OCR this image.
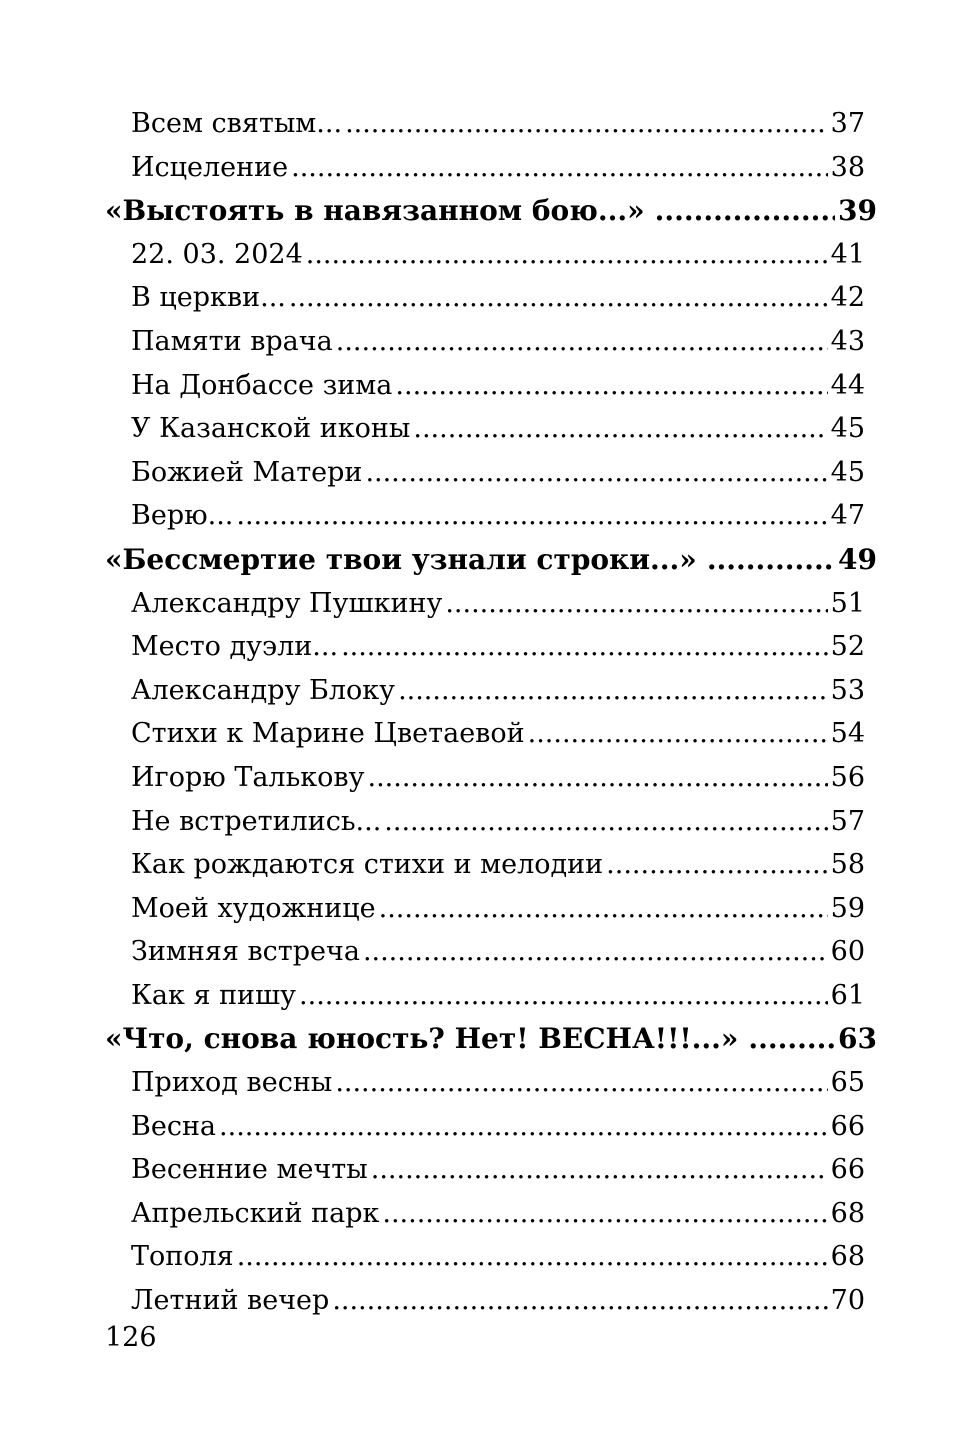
Всем святым... .....	37
Исцеление .....	38
«Выстоять в навязанном бою...» .....	39
22. 03. 2024 .....	41
В церкви... .....	42
Памяти врача .....	43
На Донбассе зима .....	44
У Казанской иконы .....	45
Божией Матери .....	45
Верю... .....	47
«Бессмертие твои узнали строки...» .....	49
Александру Пушкину .....	51
Место дуэли... .....	52
Александру Блоку .....	53
Стихи к Марине Цветаевой .....	54
Игорю Талькову .....	56
Не встретились... .....	57
Как рождаются стихи и мелодии .....	58
Моей художнице .....	59
Зимняя встреча .....	60
Как я пишу .....	61
«Что, снова юность? Нет! ВЕСНА!!!...» .....	63
Приход весны .....	65
Весна .....	66
Весенние мечты .....	66
Апрельский парк .....	68
Тополя .....	68
Летний вечер .....	70
126
